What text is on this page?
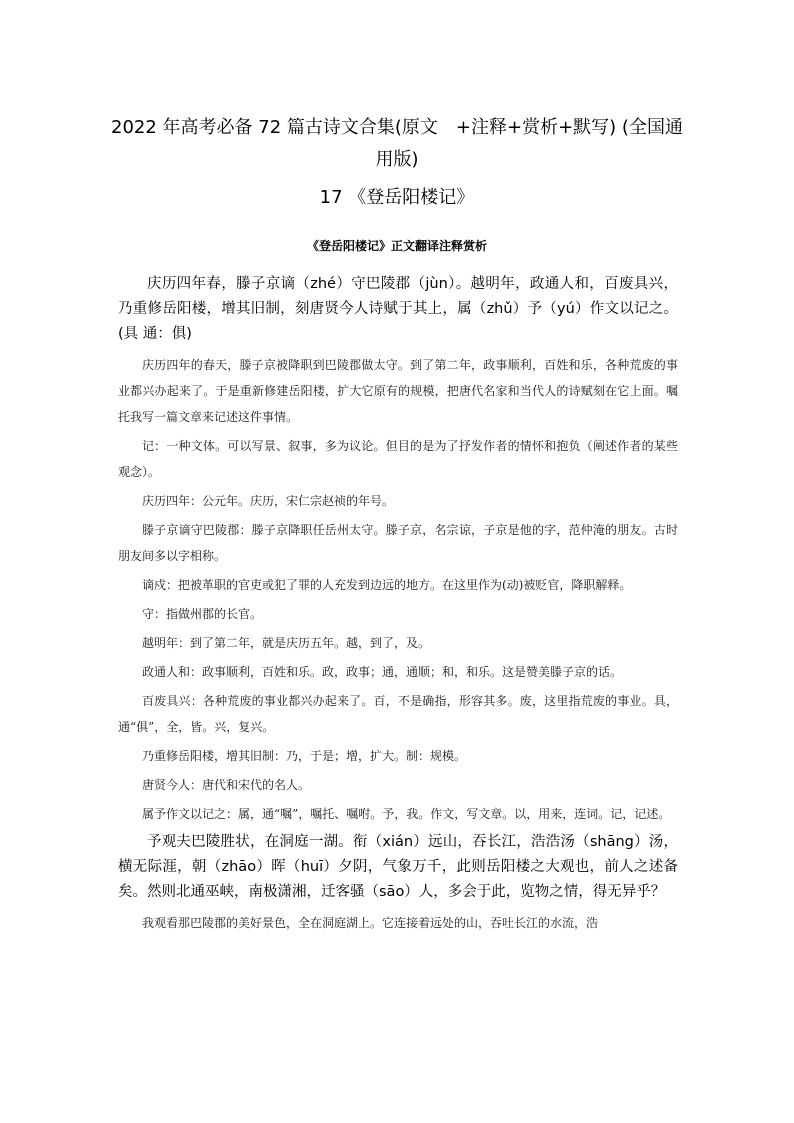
2022 年高考必备 72 篇古诗文合集(原文　+注释+赏析+默写) (全国通用版)
17 《登岳阳楼记》
《登岳阳楼记》正文翻译注释赏析

庆历四年春，滕子京谪（zhé）守巴陵郡（jùn）。越明年，政通人和，百废具兴，乃重修岳阳楼，增其旧制，刻唐贤今人诗赋于其上，属（zhǔ）予（yú）作文以记之。(具 通：俱)

庆历四年的春天，滕子京被降职到巴陵郡做太守。到了第二年，政事顺利，百姓和乐，各种荒废的事业都兴办起来了。于是重新修建岳阳楼，扩大它原有的规模，把唐代名家和当代人的诗赋刻在它上面。嘱托我写一篇文章来记述这件事情。

记：一种文体。可以写景、叙事，多为议论。但目的是为了抒发作者的情怀和抱负（阐述作者的某些观念）。

庆历四年：公元年。庆历，宋仁宗赵祯的年号。

滕子京谪守巴陵郡：滕子京降职任岳州太守。滕子京，名宗谅，子京是他的字，范仲淹的朋友。古时朋友间多以字相称。

谪戍：把被革职的官吏或犯了罪的人充发到边远的地方。在这里作为(动)被贬官，降职解释。

守：指做州郡的长官。

越明年：到了第二年，就是庆历五年。越，到了，及。

政通人和：政事顺利，百姓和乐。政，政事；通，通顺；和，和乐。这是赞美滕子京的话。

百废具兴：各种荒废的事业都兴办起来了。百，不是确指，形容其多。废，这里指荒废的事业。具，通“俱”，全，皆。兴，复兴。

乃重修岳阳楼，增其旧制：乃，于是；增，扩大。制：规模。

唐贤今人：唐代和宋代的名人。

属予作文以记之：属，通“嘱”，嘱托、嘱咐。予，我。作文，写文章。以，用来，连词。记，记述。

予观夫巴陵胜状，在洞庭一湖。衔（xián）远山，吞长江，浩浩汤（shāng）汤，横无际涯，朝（zhāo）晖（huī）夕阴，气象万千，此则岳阳楼之大观也，前人之述备矣。然则北通巫峡，南极潇湘，迁客骚（sāo）人，多会于此，览物之情，得无异乎？

我观看那巴陵郡的美好景色，全在洞庭湖上。它连接着远处的山，吞吐长江的水流，浩
